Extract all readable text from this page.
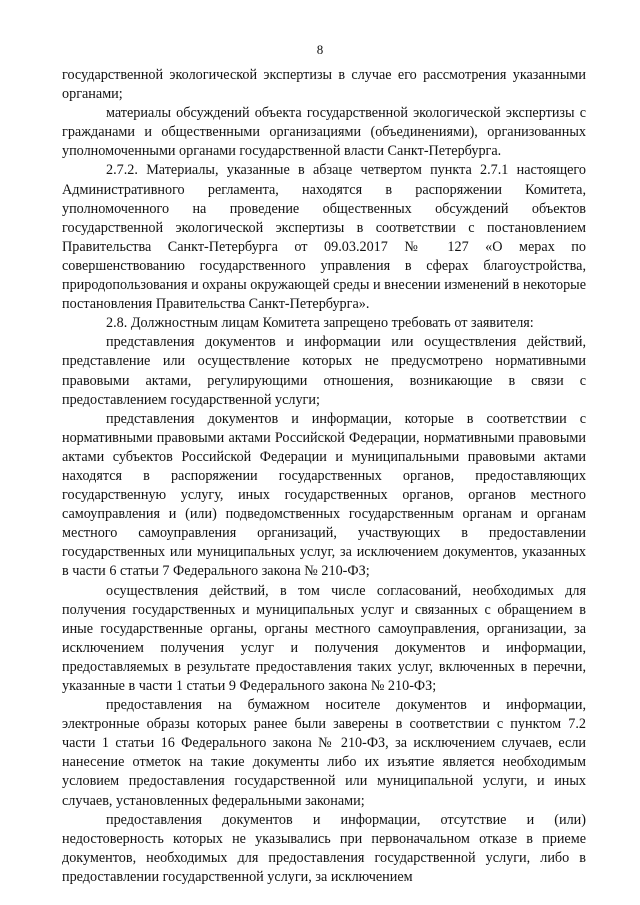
8

государственной экологической экспертизы в случае его рассмотрения указанными органами;

материалы обсуждений объекта государственной экологической экспертизы с гражданами и общественными организациями (объединениями), организованных уполномоченными органами государственной власти Санкт-Петербурга.

2.7.2. Материалы, указанные в абзаце четвертом пункта 2.7.1 настоящего Административного регламента, находятся в распоряжении Комитета, уполномоченного на проведение общественных обсуждений объектов государственной экологической экспертизы в соответствии с постановлением Правительства Санкт-Петербурга от 09.03.2017 № 127 «О мерах по совершенствованию государственного управления в сферах благоустройства, природопользования и охраны окружающей среды и внесении изменений в некоторые постановления Правительства Санкт-Петербурга».

2.8. Должностным лицам Комитета запрещено требовать от заявителя:

представления документов и информации или осуществления действий, представление или осуществление которых не предусмотрено нормативными правовыми актами, регулирующими отношения, возникающие в связи с предоставлением государственной услуги;

представления документов и информации, которые в соответствии с нормативными правовыми актами Российской Федерации, нормативными правовыми актами субъектов Российской Федерации и муниципальными правовыми актами находятся в распоряжении государственных органов, предоставляющих государственную услугу, иных государственных органов, органов местного самоуправления и (или) подведомственных государственным органам и органам местного самоуправления организаций, участвующих в предоставлении государственных или муниципальных услуг, за исключением документов, указанных в части 6 статьи 7 Федерального закона № 210-ФЗ;

осуществления действий, в том числе согласований, необходимых для получения государственных и муниципальных услуг и связанных с обращением в иные государственные органы, органы местного самоуправления, организации, за исключением получения услуг и получения документов и информации, предоставляемых в результате предоставления таких услуг, включенных в перечни, указанные в части 1 статьи 9 Федерального закона № 210-ФЗ;

предоставления на бумажном носителе документов и информации, электронные образы которых ранее были заверены в соответствии с пунктом 7.2 части 1 статьи 16 Федерального закона № 210-ФЗ, за исключением случаев, если нанесение отметок на такие документы либо их изъятие является необходимым условием предоставления государственной или муниципальной услуги, и иных случаев, установленных федеральными законами;

предоставления документов и информации, отсутствие и (или) недостоверность которых не указывались при первоначальном отказе в приеме документов, необходимых для предоставления государственной услуги, либо в предоставлении государственной услуги, за исключением
